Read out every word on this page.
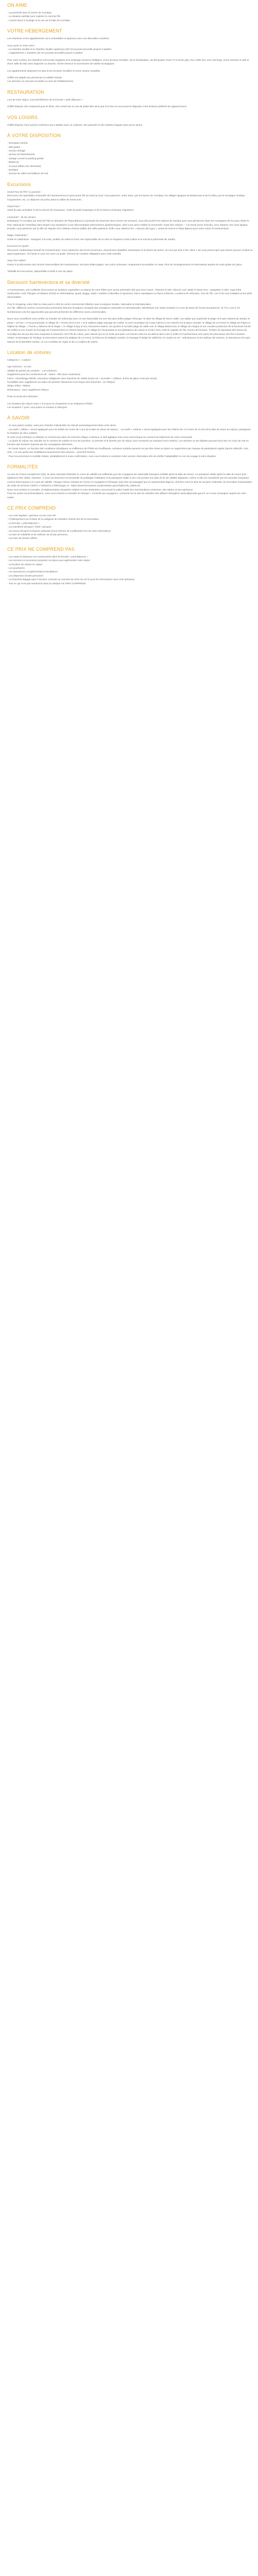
ON AIME

- La proximité avec le centre de Corralejo
- La situation parfaite pour explorer le nord de l'île
- L'accès direct à la plage et la vue sur la baie de Corralejo

VOTRE HÉBERGEMENT

Les chambres et les appartements sont confortables et spacieux avec une décoration moderne.

Vous aurez le choix entre :
- La chambre double et la chambre double supérieure (28 m²) pouvant accueillir jusqu'à 3 adultes
- L'appartement 1 chambre (40 m²) pouvant accueillir jusqu'à 5 adultes

Pour votre confort, les chambres sont toutes équipées d'un éclairage nocturne intelligent, d'une terrasse meublée, de la climatisation, du wifi gratuit, d'une TV à écran plat, d'un coffre-fort, d'un mini-frigo, d'une machine à café et d'une salle de bain avec baignoire ou douche, sèche-cheveux et accessoires de toilette écologiques.

Les appartements disposent en plus d'une terrasse meublée et d'une cuisine complète.

Chiffet est adapté aux personnes à mobilité réduite.
Les animaux ne sont pas acceptés au sein de l'établissement.

RESTAURATION

Lors de votre séjour, vous bénéficierez de la formule « petit déjeuner ».

Chiffet dispose d'un restaurant pour le dîner, d'un snack bar en cas de petite faim ainsi que d'un bar où vous pourrez dégustez votre boisson préférée les apparemment.

VOS LOISIRS

Chiffet dispose d'une piscine extérieure pour adultes avec un solarium, des parasols et des chaises longues ainsi qu'un sauna.

À VOTRE DISPOSITION

- Réception 24/24h
- Wifi gratuit
- Service d'étage
- Service de blanchisserie
- Garage couvert & parking gratuit
- Barbecue
- Un pour bébés (sur demande)
- Boutique
- Service de vidéo-surveillance de nuit

Excursions

Grand Tour de l'île* (1 journée) :
Découvrez les spécialités et beautés de Fuerteventura en parcourant l'île du Nord au Sud. Vous passerez, entre autre, par les Dunes de Corralejo, les villages typiques de Betancuria et de la Oliva, par la montagne Tindaya, l'Ajuyamente, etc. Le déjeuner est prévu dans la vallée de Santa Inés.

Oasis Parc* :
Visite du parc animalier et de la réserve de chameaux. Visite du jardin botanique et de la réserve d'oiseaux migrateurs.

Lanzarote* : Ile de volcans
Embarquez à Corralejo (au Nord de l'île) en direction de Playa Blanca à Lanzarote (la traversée dure environ 30 minutes). Vous découvrirez les salines de Janubio puis vous pénétrerez dans les montagnes de feu pour visiter le Parc national de Timanfaya dans lequel vous assisterez à une démonstration phénomènes géothermiques, ainsi vous aurez réalisé la renommée "route des volcans ". A la Geria (zone vinicole), vous visiterez une cave typique. Ensuite, vous passerez par la ville de Teguise et le château d'Haría (vallée des mille palmiers). Enfin vous visiterez les « Jameos del Agua », avant de revenir à Playa Blanca pour votre retour à Fuerteventura.

Magic Catamaran* :
Sortie en catamaran : Naviguez à la voile, profitez du soleil et d'une mer impeccable sur la côte en longeant Costa Calma et le sud de la péninsule de Jandía.

Excursion en Quad* :
Découvrez l'authentique beauté de Fuerteventura. Vous explorerez des terres inconnues, d'anciennes citadelles volcaniques et le désert de dunes. Un tour par bois à l'ile ! Bien ? Ne vous préoccupez pas d'avoir aucune conduit un quad auparavant ; les facile et vous irez avec un guide. (Permis de conduire obligatoire pour cette activité).

Jeep Tour Safari* :
Partez à la découverte des recoins inaccessibles de Fuerteventura, ses plus belles plages, ses coins rocheuses, uniquement accessibles en Jeep. Plus de renseignements et réservations auprès de votre guide sur place.

*Détaillé de l'excursions, disponibilité et tarifs à voir sur place.

Decouvrir fuerteventura et sa diversité

A Fuerteventura, une multitude d'excursions et locations organisées ou depuis de votre hôtel vous seront présentés afin que vous n'ayez : Planche à voile, kitesurf, surf, jetski et hauts rires : navigation à voile, Aqua Park, randonnées, Golf, Plongée et initiation (PADI) en Wind Bateau, Quad, Buggy, Safari, Activités Culturelles et Sportives, Parcs Aquatiques ou Parcs à thèmes, Locations de véhicules, Tour de l'île, Les TAXI sont multiples et les tarifs raisonnables.

Pour le shopping, votre hôtel se situe juste à côté du centre commercial Atlántico avec enseignes locales, nationales et internationales.
Sur l'île, différents centres commerciaux présentent diverses boutiques comptant des enseignes nationales et internationales. Bénéficiant d'un statut insulaire en zone de taxes de l'Union Européenne, la TVA y est à 7%. Nombreuses sont les opportunités que peuvent présenter les différents zones commerciales.

Nous vous conseillons vous arrêter au minutier de Solemnity avec ce vue imprenable sur une des plus belles plages d'Europe, la visite du village de Morro Jable, son église qui surplombe le plage et le parc Naturel de Jandía, le phare « al Faro » et sa promenade, le village de « Puerto de la Cruz » et le sublime plage sauvage de Cofete, la zone touristique de Costa Calma et son marché sur la place centrale, le village de La Pared, le village de Pájara et l'église du village, « Puerto y Salinera de la Regla », le village d'Ajuy et son monument naturel, ses grottes et sa belle plage de sable noir, le village Betancuria, le village de Antigua et son moulins production de la fameuse fumée de Coffee et son musée du fromage de Fuerteventura et Cheese Museum, le village de Tiscamanita et ses plantations de cactus et d'Aloe Vera, enfin le capitale de l'île, Puerto del Rosario. Profitez du spectacle des Dunes de Corralejo lieu de par des eaux turquoise et traversez vers l'île de Lobos, parc naturel qui ne se visite qu'à pied. Les Dunes mais les au-delà et alors voici à celles et Fuerteventura sont parmi les plus beaux des îles Canaries.
Visitez, la Montagne de Tindaya, le Monument naturel du Malpaís de La Arena, la Réserve de Malpaís Grande, le Paysage Protégé de Vallebrón, le musée du sel - Salt Museum et les Salinas del Carmen, le Monument et le parc Naturel de la Montaña Cardón, et Los Cuchillos de Vigán et de La Caldera de Gairía.

Location de voitures

Catégorie A : 4 places

Age minimum : 21 ans
Validité du permis de conduire : 1 an minimum
Supplément pour les conducteurs de : 25ans : 30€ (tout conducteur)
Inclus : Kilométrage illimité, Assurance obligatoire avec franchise de 1500€ (inclut vol + incendie + collision, la bris de glace n'est pas inclus)
Possibilité avec supplément sur place de prendre l'assurance tout risque sans franchise : 22,70€/jour
Siège enfant : 9€/jour
Rehausseur : avec supplément 3€/jour

Prise et rendu des véhicules :

Les locations de voiture entre 1 et 8 jours se récupèrent et se restituent à l'hôtel
Les locations 7 jours, sont prises et rendues à l'aéroport

À SAVOIR

- Si vous partez seul(e), votre prix chambre individuelle est calculé automatiquement dans votre devis.
- Les tarifs « bébés » seront appliqués pour les bébés de moins de 3 ans (à la date du retour du séjour). - Les tarifs « enfants » seront appliqués pour les enfants de 4 à moins de 12 ans (à la date du retour du séjour), partageant la chambre de deux adultes.
Si votre (vos) enfant(s) ou bébé(s) ne rentrent pas dans les tranches d'âges ci-dessus, le tarif appliqué vous sera communiqué au moment du traitement de votre commande.
- La durée du séjour est calculée sur le nombre de nuitées et non de journées. Le premier et le dernier jour du séjour sont consacrés au transport (non-nuitées). Les arrivées ou les départs pouvant avoir lieu en cours de nuit en fonction des horaires imposés par les compagnies aériennes.
- En haute saison, en fonction des conditions climatiques ou d'affluence de l'hôtel est insuffisante, certaines activités peuvent ne pas être mises en place ou supprimées par manque de participants rapide (sports collectifs, mini-club...) et une partie des installations fonctionnent des piscines... peut être fermée.
- Pour les personnes à mobilité réduite, préalablement à toute confirmation, nous vous invitons à contacter notre service réservation afin de vérifier l'adaptabilité ou non du voyage à votre situation.

FORMALITÉS

Au sein de l'Union européenne (UE), la carte nationale d'identité en cours de validité est suffisante pour les voyageurs de nationalité française (validité après la date de retour). Le passeport valide après la date de retour peut également être utilisé. Attention : il vous est fortement recommandé de privilégier l'utilisation d'un passeport valide à une CNI portant une date de fin de validité dépassée, même si elle est considérée par les autorités françaises comme étant toujours en cours de validité. Chaque mineur résidant en France et voyageant à l'étranger sans être accompagné par un représentant légal se, doit être muni en plus de sa pièce d'identité, du formulaire d'autorisation de sortie de territoire CERFA n°15646*01 à télécharger ici : https://www.formulaires.modernisation.gouv.fr/gf/cerfa_15646.do
Nous vous invitons à consulter, la réglementation douanière relative à votre destination concernant la valeur totale des marchandises contenues, des tabacs et des spiritueux.
Pour les autres recommandations, nous vous invitons à consulter la rubrique « Conseils aux voyageurs » présente sur le site du ministère des affaires étrangères www.diplomatie.gouv.fr ou à vous renseigner auprès de votre mairie.

CE PRIX COMPREND

- Les vols réguliers, spéciaux ou low cost A/R
- L'hébergement sur la base de la catégorie de chambre choisie lors de la réservation,
- La formule « petit-déjeuner »
- Les transferts aéroport / hôtel / aéroport
- Les taxes aéroport et hausse carburant (sous réserve de modification lors de votre réservation),
- La taxe de solidarité et de carbone de 3€ par personne,
- Les frais de dossier offerts.

CE PRIX NE COMPREND PAS

- Les repas et boissons non mentionnées dans la formule « petit-déjeuner »
- Les services et excursions proposés sur place pour agrémenter votre séjour
- La location de voiture en option
- Les pourboires
- Les assurances complémentaires facultatives
- Les dépenses d'ordre personnel
- La franchise bagage (que il mention contraire au moment du choix du vol et pour les réservations avec vols spéciaux)
- Tout ce qui n'est pas mentionné dans la rubrique CE PRIX COMPREND
